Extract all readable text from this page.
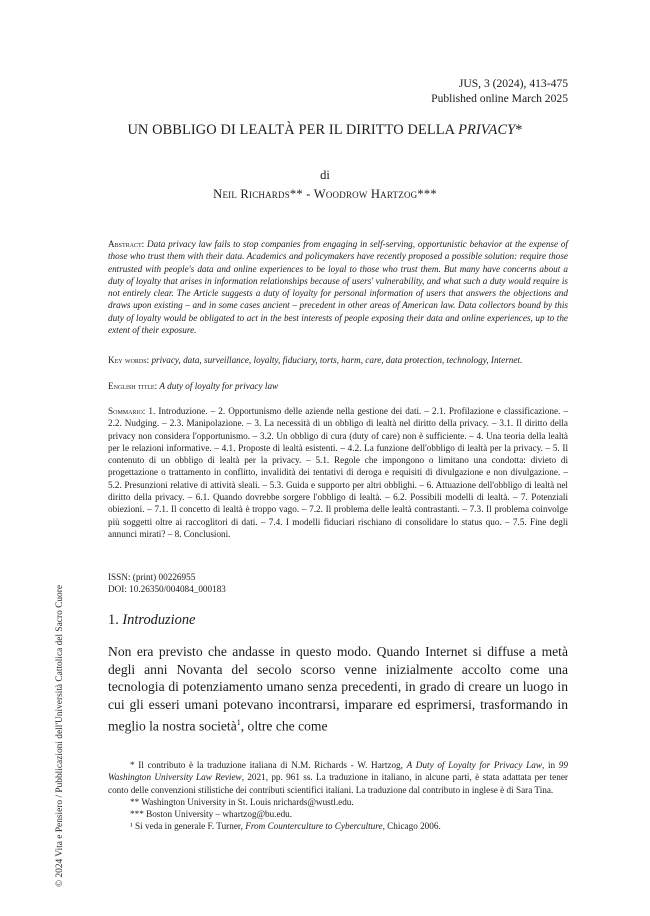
© 2024 Vita e Pensiero / Pubblicazioni dell'Università Cattolica del Sacro Cuore
JUS, 3 (2024), 413-475
Published online March 2025
UN OBBLIGO DI LEALTÀ PER IL DIRITTO DELLA PRIVACY*
di
Neil Richards** - Woodrow Hartzog***
Abstract: Data privacy law fails to stop companies from engaging in self-serving, opportunistic behavior at the expense of those who trust them with their data. Academics and policymakers have recently proposed a possible solution: require those entrusted with people's data and online experiences to be loyal to those who trust them. But many have concerns about a duty of loyalty that arises in information relationships because of users' vulnerability, and what such a duty would require is not entirely clear. The Article suggests a duty of loyalty for personal information of users that answers the objections and draws upon existing – and in some cases ancient – precedent in other areas of American law. Data collectors bound by this duty of loyalty would be obligated to act in the best interests of people exposing their data and online experiences, up to the extent of their exposure.
Key words: privacy, data, surveillance, loyalty, fiduciary, torts, harm, care, data protection, technology, Internet.
English title: A duty of loyalty for privacy law
Sommario: 1. Introduzione. – 2. Opportunismo delle aziende nella gestione dei dati. – 2.1. Profilazione e classificazione. – 2.2. Nudging. – 2.3. Manipolazione. – 3. La necessità di un obbligo di lealtà nel diritto della privacy. – 3.1. Il diritto della privacy non considera l'opportunismo. – 3.2. Un obbligo di cura (duty of care) non è sufficiente. – 4. Una teoria della lealtà per le relazioni informative. – 4.1. Proposte di lealtà esistenti. – 4.2. La funzione dell'obbligo di lealtà per la privacy. – 5. Il contenuto di un obbligo di lealtà per la privacy. – 5.1. Regole che impongono o limitano una condotta: divieto di progettazione o trattamento in conflitto, invalidità dei tentativi di deroga e requisiti di divulgazione e non divulgazione. – 5.2. Presunzioni relative di attività sleali. – 5.3. Guida e supporto per altri obblighi. – 6. Attuazione dell'obbligo di lealtà nel diritto della privacy. – 6.1. Quando dovrebbe sorgere l'obbligo di lealtà. – 6.2. Possibili modelli di lealtà. – 7. Potenziali obiezioni. – 7.1. Il concetto di lealtà è troppo vago. – 7.2. Il problema delle lealtà contrastanti. – 7.3. Il problema coinvolge più soggetti oltre ai raccoglitori di dati. – 7.4. I modelli fiduciari rischiano di consolidare lo status quo. – 7.5. Fine degli annunci mirati? – 8. Conclusioni.
ISSN: (print) 00226955
DOI: 10.26350/004084_000183
1. Introduzione
Non era previsto che andasse in questo modo. Quando Internet si diffuse a metà degli anni Novanta del secolo scorso venne inizialmente accolto come una tecnologia di potenziamento umano senza precedenti, in grado di creare un luogo in cui gli esseri umani potevano incontrarsi, imparare ed esprimersi, trasformando in meglio la nostra società$^1$, oltre che come

* Il contributo è la traduzione italiana di N.M. Richards - W. Hartzog, A Duty of Loyalty for Privacy Law, in 99 Washington University Law Review, 2021, pp. 961 ss. La traduzione in italiano, in alcune parti, è stata adattata per tener conto delle convenzioni stilistiche dei contributi scientifici italiani. La traduzione dal contributo in inglese è di Sara Tina.

** Washington University in St. Louis nrichards@wustl.edu.

*** Boston University – whartzog@bu.edu.

¹ Si veda in generale F. Turner, From Counterculture to Cyberculture, Chicago 2006.
